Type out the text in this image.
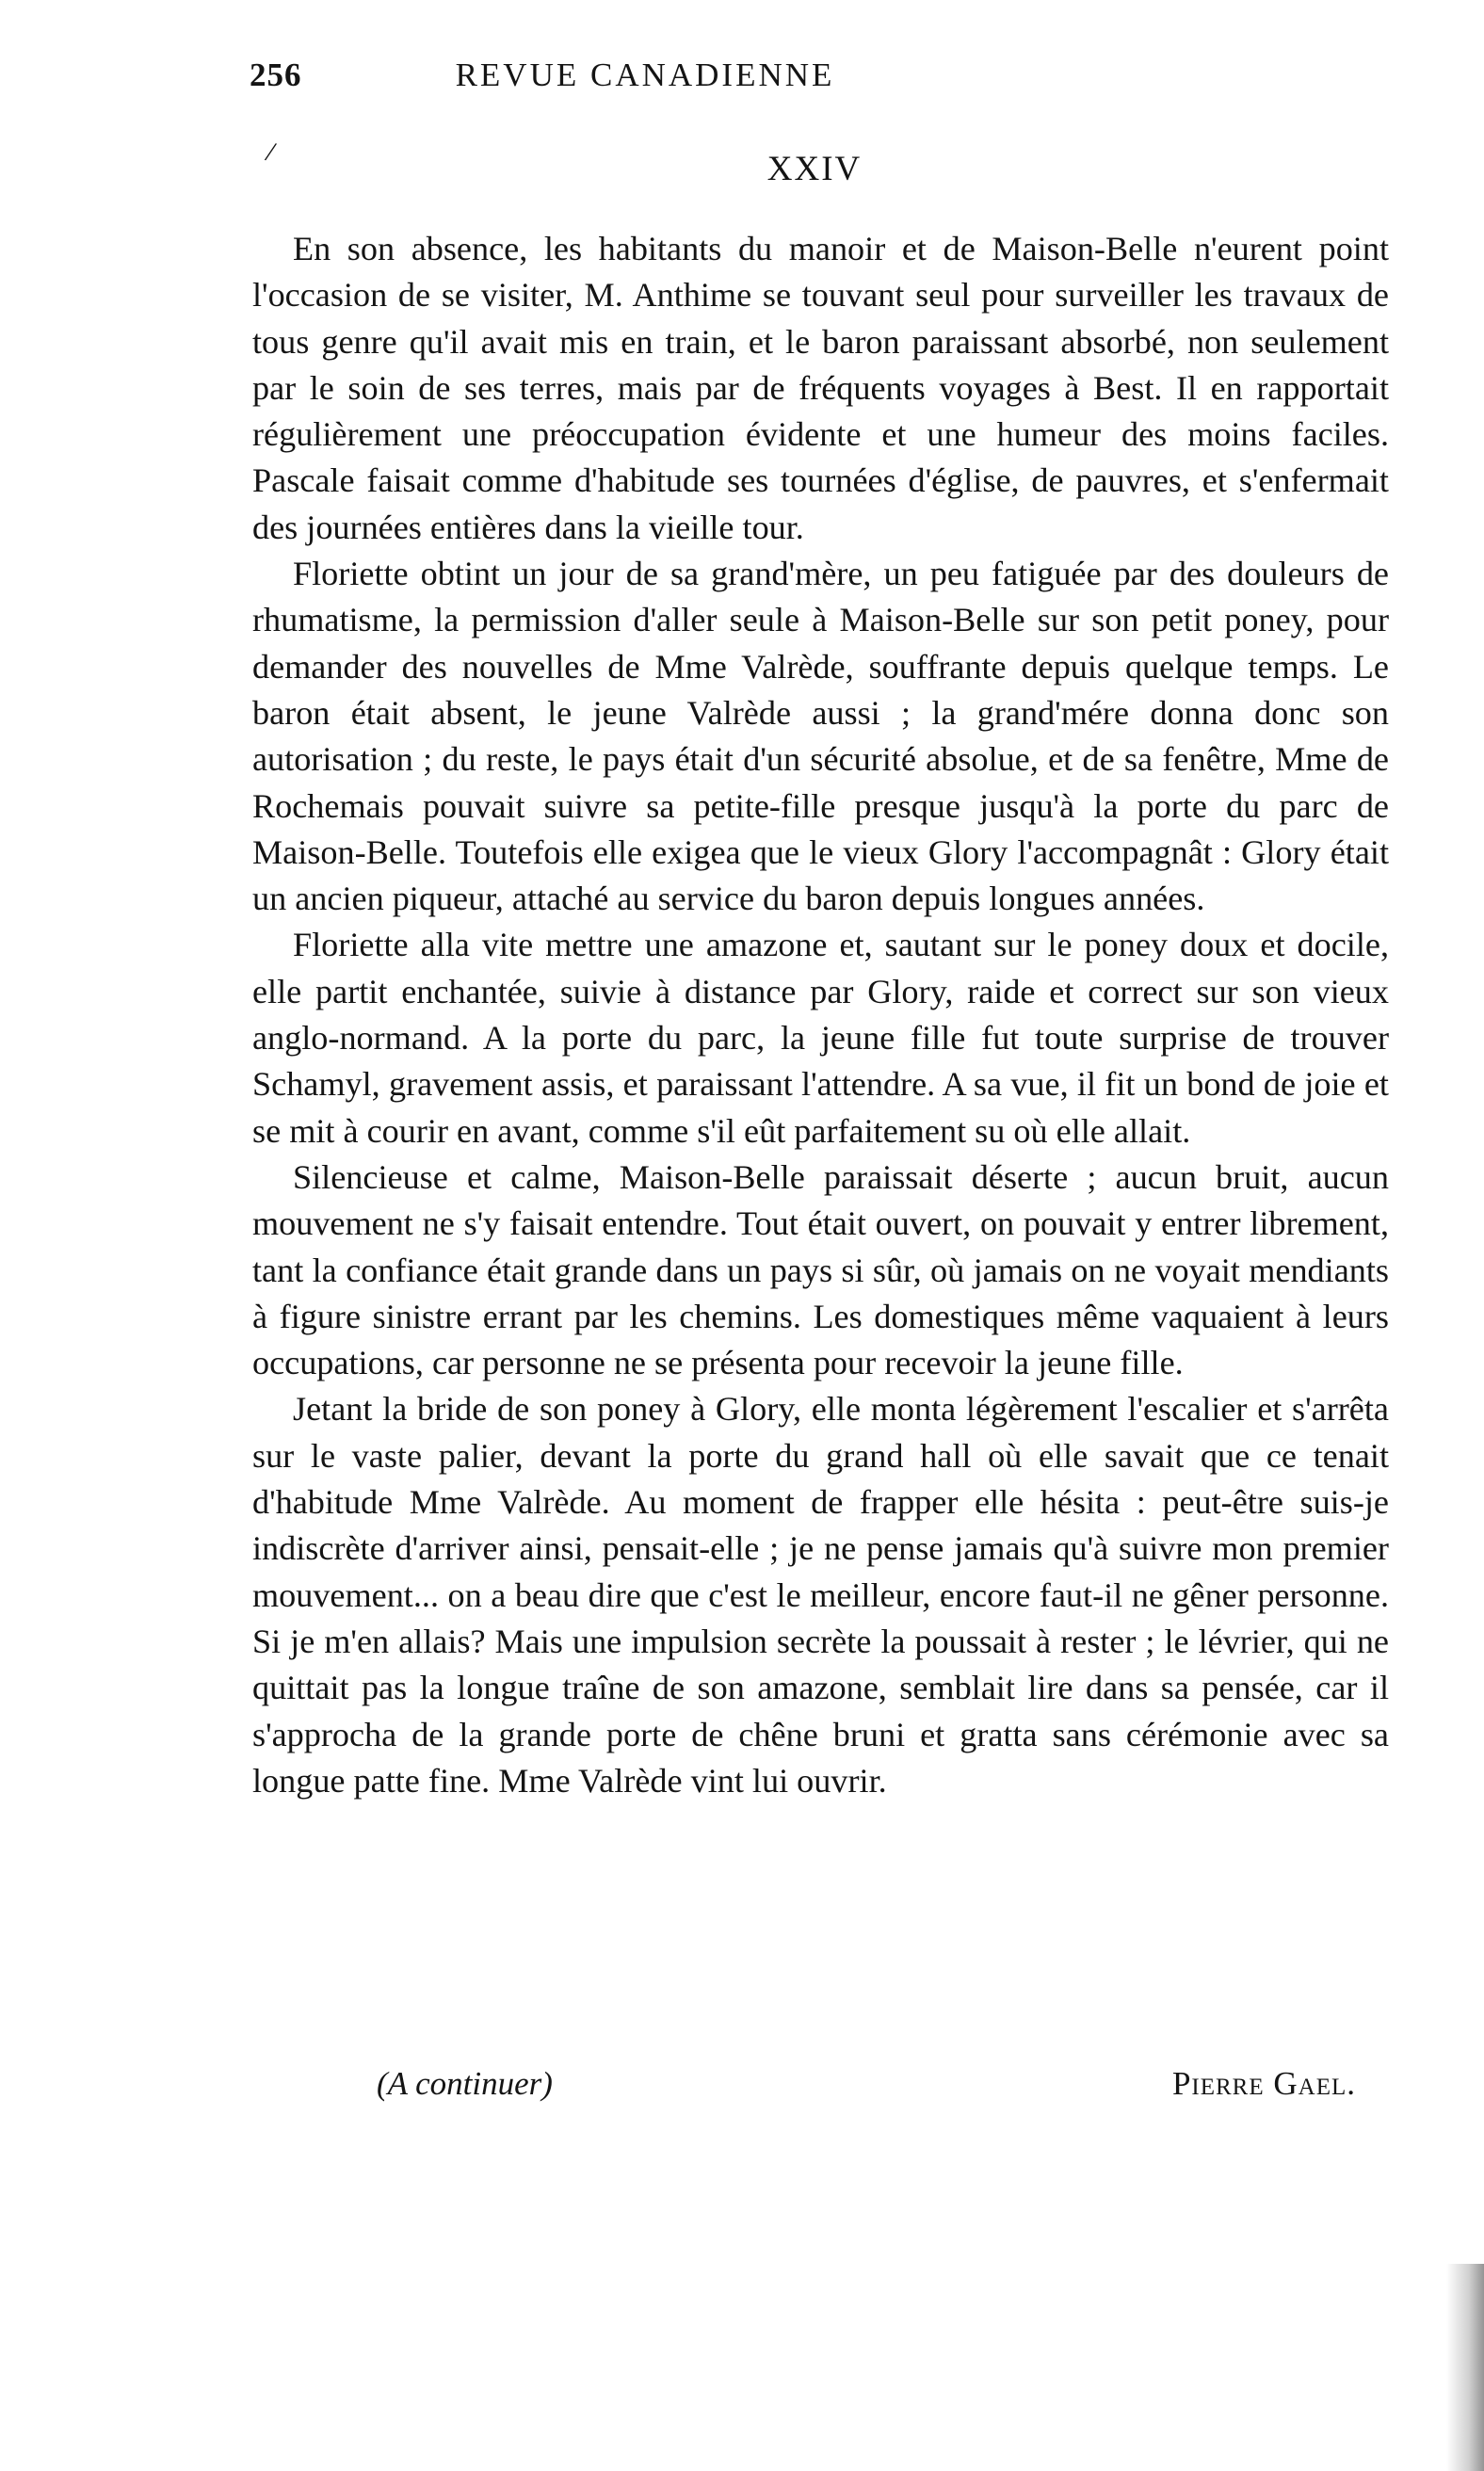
256	REVUE CANADIENNE
/	XXIV

En son absence, les habitants du manoir et de Maison-Belle n'eurent point l'occasion de se visiter, M. Anthime se touvant seul pour surveiller les travaux de tous genre qu'il avait mis en train, et le baron paraissant absorbé, non seulement par le soin de ses terres, mais par de fréquents voyages à Best. Il en rapportait régulièrement une préoccupation évidente et une humeur des moins faciles. Pascale faisait comme d'habitude ses tournées d'église, de pauvres, et s'enfermait des journées entières dans la vieille tour.

Floriette obtint un jour de sa grand'mère, un peu fatiguée par des douleurs de rhumatisme, la permission d'aller seule à Maison-Belle sur son petit poney, pour demander des nouvelles de Mme Valrède, souffrante depuis quelque temps. Le baron était absent, le jeune Valrède aussi ; la grand'mére donna donc son autorisation ; du reste, le pays était d'un sécurité absolue, et de sa fenêtre, Mme de Rochemais pouvait suivre sa petite-fille presque jusqu'à la porte du parc de Maison-Belle. Toutefois elle exigea que le vieux Glory l'accompagnât : Glory était un ancien piqueur, attaché au service du baron depuis longues années.

Floriette alla vite mettre une amazone et, sautant sur le poney doux et docile, elle partit enchantée, suivie à distance par Glory, raide et correct sur son vieux anglo-normand. A la porte du parc, la jeune fille fut toute surprise de trouver Schamyl, gravement assis, et paraissant l'attendre. A sa vue, il fit un bond de joie et se mit à courir en avant, comme s'il eût parfaitement su où elle allait.

Silencieuse et calme, Maison-Belle paraissait déserte ; aucun bruit, aucun mouvement ne s'y faisait entendre. Tout était ouvert, on pouvait y entrer librement, tant la confiance était grande dans un pays si sûr, où jamais on ne voyait mendiants à figure sinistre errant par les chemins. Les domestiques même vaquaient à leurs occupations, car personne ne se présenta pour recevoir la jeune fille.

Jetant la bride de son poney à Glory, elle monta légèrement l'escalier et s'arrêta sur le vaste palier, devant la porte du grand hall où elle savait que ce tenait d'habitude Mme Valrède. Au moment de frapper elle hésita : peut-être suis-je indiscrète d'arriver ainsi, pensait-elle ; je ne pense jamais qu'à suivre mon premier mouvement... on a beau dire que c'est le meilleur, encore faut-il ne gêner personne. Si je m'en allais? Mais une impulsion secrète la poussait à rester ; le lévrier, qui ne quittait pas la longue traîne de son amazone, semblait lire dans sa pensée, car il s'approcha de la grande porte de chêne bruni et gratta sans cérémonie avec sa longue patte fine. Mme Valrède vint lui ouvrir.

(A continuer)	Pierre Gael.
